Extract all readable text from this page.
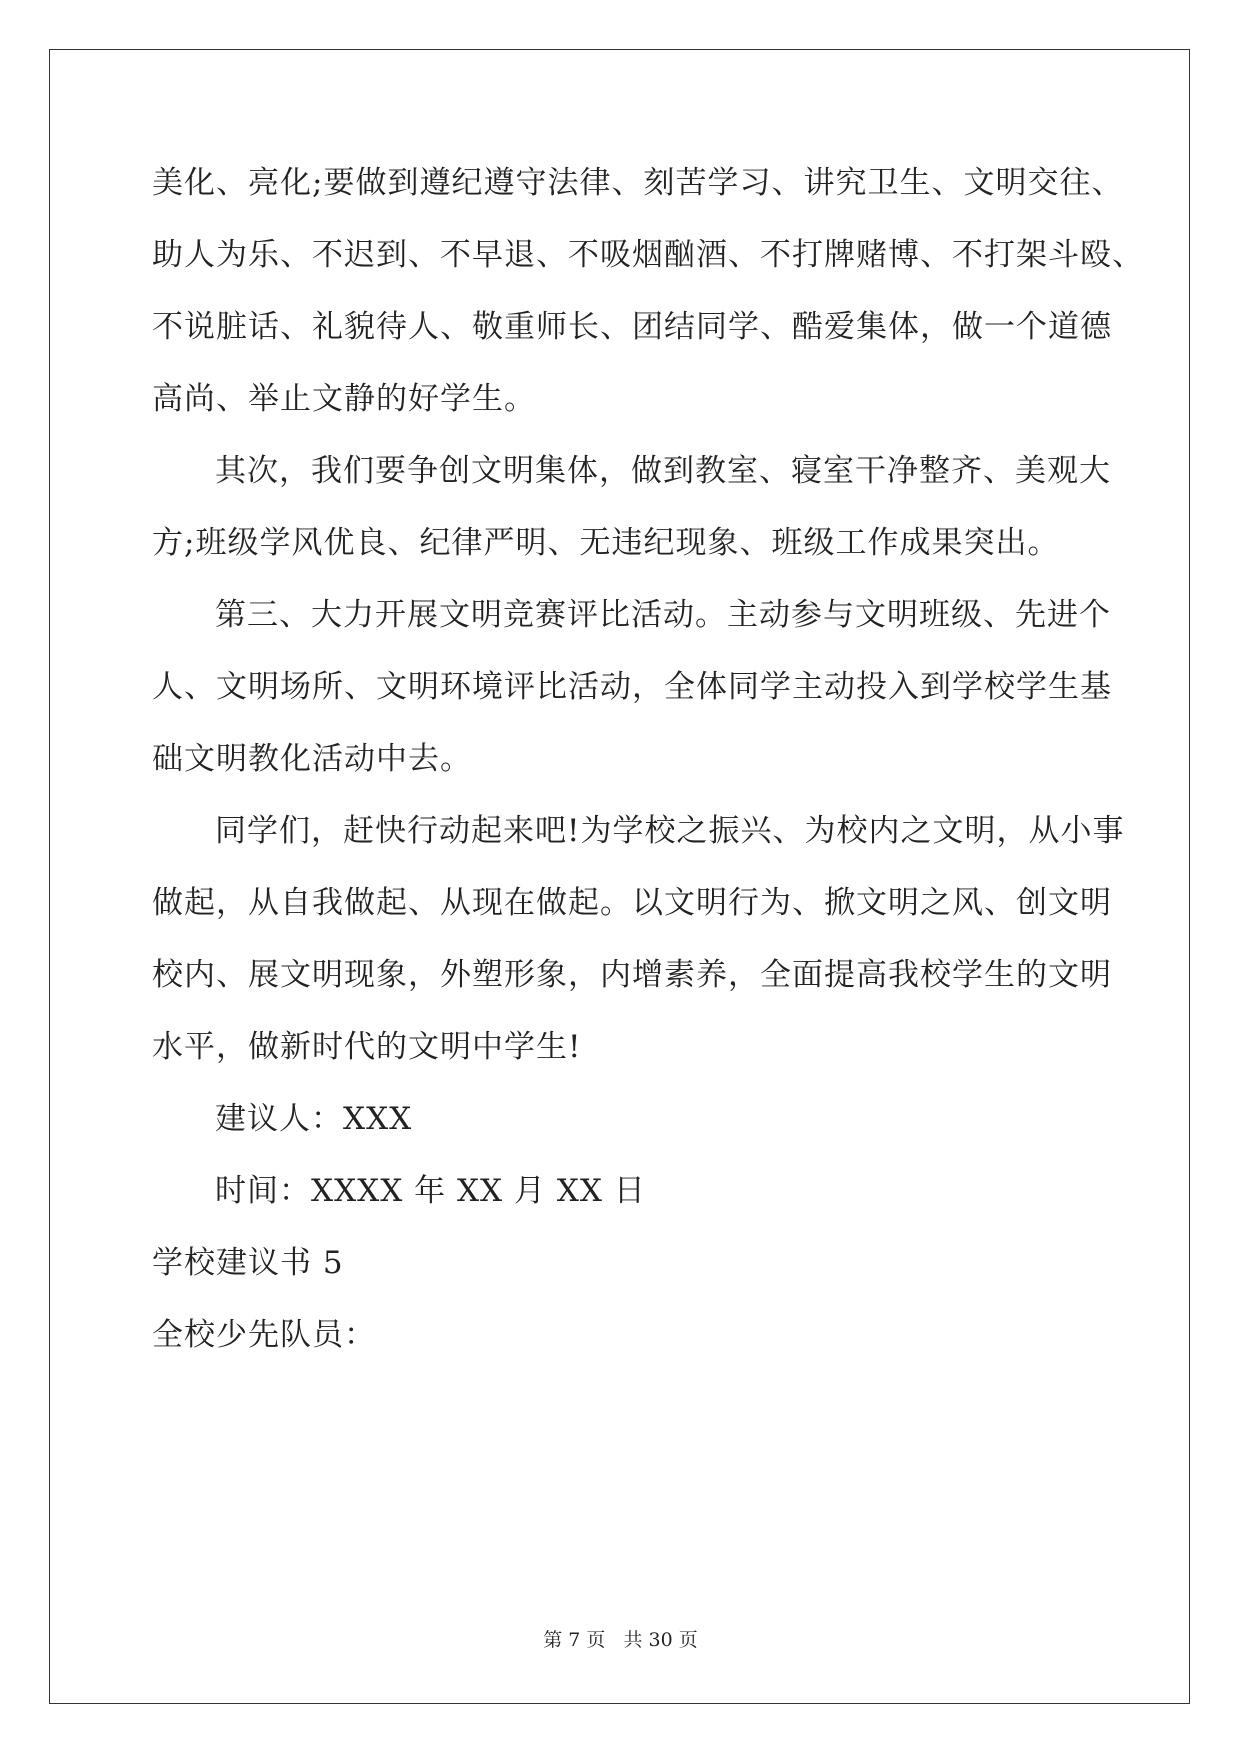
美化、亮化;要做到遵纪遵守法律、刻苦学习、讲究卫生、文明交往、
助人为乐、不迟到、不早退、不吸烟酗酒、不打牌赌博、不打架斗殴、
不说脏话、礼貌待人、敬重师长、团结同学、酷爱集体，做一个道德
高尚、举止文静的好学生。
其次，我们要争创文明集体，做到教室、寝室干净整齐、美观大
方;班级学风优良、纪律严明、无违纪现象、班级工作成果突出。
第三、大力开展文明竞赛评比活动。主动参与文明班级、先进个
人、文明场所、文明环境评比活动，全体同学主动投入到学校学生基
础文明教化活动中去。
同学们，赶快行动起来吧!为学校之振兴、为校内之文明，从小事
做起，从自我做起、从现在做起。以文明行为、掀文明之风、创文明
校内、展文明现象，外塑形象，内增素养，全面提高我校学生的文明
水平，做新时代的文明中学生!
建议人：XXX
时间：XXXX 年 XX 月 XX 日
学校建议书 5
全校少先队员：
第 7 页 共 30 页
